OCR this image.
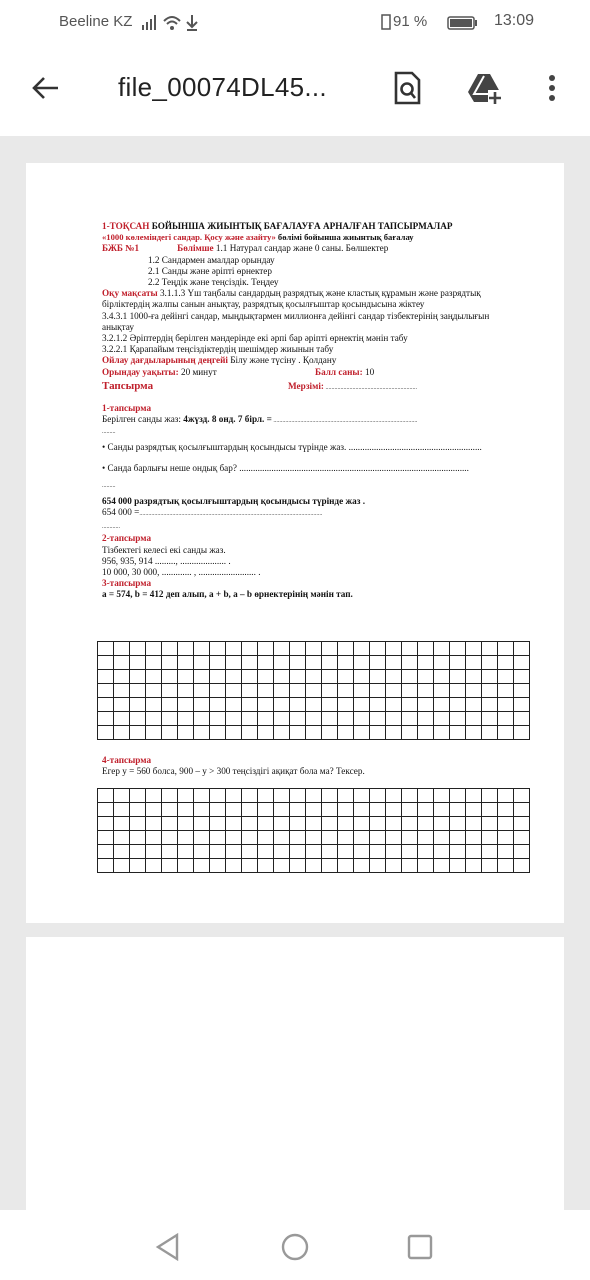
Beeline KZ	91 %	13:09
file_00074DL45...
1-ТОҚСАН БОЙЫНША ЖИЫНТЫҚ БАҒАЛАУҒА АРНАЛҒАН ТАПСЫРМАЛАР
«1000 көлеміндегі сандар. Қосу және азайту» бөлімі бойынша жиынтық бағалау
БЖБ №1	Бөлімше 1.1 Натурал сандар және 0 саны. Бөлшектер
1.2 Сандармен амалдар орындау
2.1 Санды және әріпті өрнектер
2.2 Теңдік және теңсіздік. Теңдеу
Оқу мақсаты 3.1.1.3 Үш таңбалы сандардың разрядтық және кластық құрамын және разрядтық бірліктердің жалпы санын анықтау, разрядтық қосылғыштар қосындысына жіктеу
3.4.3.1 1000-ға дейінгі сандар, мыңдықтармен миллионға дейінгі сандар тізбектерінің заңдылығын анықтау
3.2.1.2 Әріптердің берілген мәндерінде екі әрпі бар әріпті өрнектің мәнін табу
3.2.2.1 Қарапайым теңсіздіктердің шешімдер жиынын табу
Ойлау дағдыларының деңгейі Білу және түсіну . Қолдану
Орындау уақыты: 20 минут	Балл саны: 10
Тапсырма	Мерзімі: .............................................................
1-тапсырма
Берілген санды жаз: 4жүзд. 8 онд. 7 бірл. = ................................................................................................
.........
• Санды разрядтық қосылғыштардың қосындысы түрінде жаз. ..........................................................
• Санда барлығы неше ондық бар? ....................................................................................................
.........
654 000 разрядтық қосылғыштардың қосындысы түрінде жаз .
654 000 =..........................................................................................................................
............
2-тапсырма
Тізбектегі келесі екі санды жаз.
956, 935, 914 ........., .................... .
10 000, 30 000, ............. , ......................... .
3-тапсырма
a = 574, b = 412 деп алып, a + b, a – b өрнектерінің мәнін тап.

4-тапсырма
Егер y = 560 болса, 900 – y > 300 теңсіздігі ақиқат бола ма? Тексер.
